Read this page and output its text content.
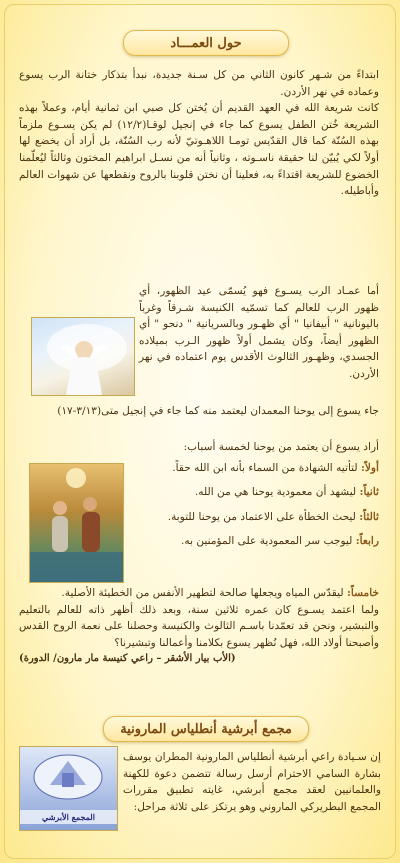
حول العمـــاد
المجمع الأبرشي

ابتداءً من شـهر كانون الثاني من كل سـنة جديدة، نبدأ بتذكار ختانة الرب يسوع وعماده في نهر الأردن.

كانت شريعة الله في العهد القديم أن يُختن كل صبي ابن ثمانية أيام، وعملاً بهذه الشريعة خُتن الطفل يسوع كما جاء في إنجيل لوقـا(١٢/٢) لم يكن يسـوع ملزماً بهذه السُنّة كما قال القدّيس تومـا اللاهـوتيّ لأنه رب السُنّة، بل أراد أن يخضع لها أولاً لكي يُبيّن لنا حقيقة ناسـوته ، وثانياً أنه من نسـل ابراهيم المختون وثالثاً ليُعلّمنا الخضوع للشريعة اقتداءً به، فعلينا أن نختن قلوبنا بالروح ونقطعها عن شهوات العالم وأباطيله.

أما عمـاد الرب يسـوع فهو يُسمّى عيد الظهور، أي ظهور الرب للعالم كما تسمّيه الكنيسة شـرقاً وغرباً باليونانية " أبيفانيا " أي ظهـور وبالسريانية " دنحو " أي الظهور أيضاً، وكان يشمل أولاً ظهور الـرب بميلاده الجسدي، وظهـور الثالوث الأقدس يوم اعتماده في نهر الأردن.

جاء يسوع إلى يوحنا المعمدان ليعتمد منه كما جاء في إنجيل متى(٣/١٣-١٧)

أراد يسوع أن يعتمد من يوحنا لخمسة أسباب:

أولاً: لتأتيه الشهادة من السماء بأنه ابن الله حقاً.

ثانياً: ليشهد أن معمودية يوحنا هي من الله.

ثالثاً: ليحث الخطأة على الاعتماد من يوحنا للتوبة.

رابعاً: ليوجب سر المعمودية على المؤمنين به.

خامساً: ليقدّس المياه ويجعلها صالحة لتطهير الأنفس من الخطيئة الأصلية.

ولما اعتمد يسـوع كان عمره ثلاثين سنة، وبعد ذلك أظهر ذاته للعالم بالتعليم والتبشير، ونحن قد تعمّدنا باسـم الثالوث والكنيسة وحصلنا على نعمة الروح القدس وأصبحنا أولاد الله، فهل نُظهر يسوع بكلامنا وأعمالنا وتبشيرنا؟

(الأب بيار الأشقر – راعي كنيسة مار مارون/ الدورة)

مجمع أبرشية أنطلياس المارونية

إن سـيادة راعي أبرشية أنطلياس المارونية المطران يوسف بشارة السامي الاحترام أرسل رسالة تتضمن دعوة للكهنة والعلمانيين لعقد مجمع أبرشي، غايته تطبيق مقررات المجمع البطريركي الماروني وهو يرتكز على ثلاثة مراحل:
